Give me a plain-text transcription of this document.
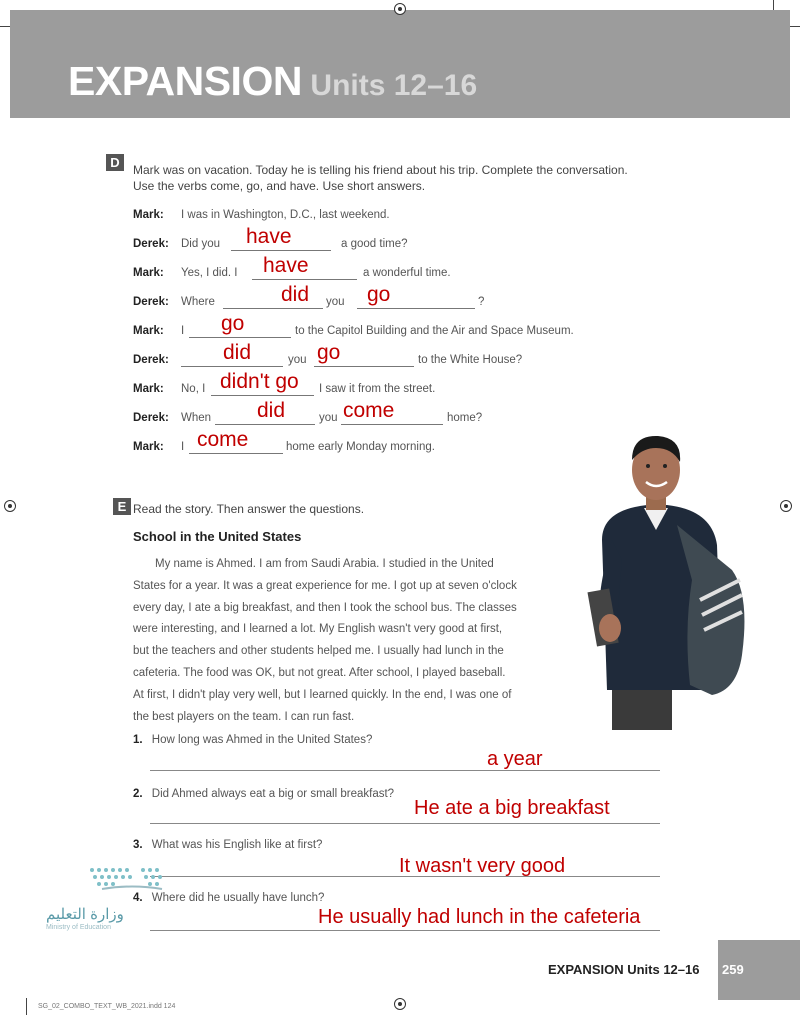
EXPANSION Units 12–16
D	Mark was on vacation. Today he is telling his friend about his trip. Complete the conversation.
Use the verbs come, go, and have. Use short answers.
Mark: I was in Washington, D.C., last weekend.
Derek: Did you have	a good time?
Mark: Yes, I did. I have	a wonderful time.
Derek: Where	did you go	?
Mark: I go	to the Capitol Building and the Air and Space Museum.
Derek:	did	you go	to the White House?
Mark: No, I didn't go I saw it from the street.
Derek: When did	you come	home?
Mark: I come	home early Monday morning.
E Read the story. Then answer the questions.
School in the United States

My name is Ahmed. I am from Saudi Arabia. I studied in the United

States for a year. It was a great experience for me. I got up at seven o'clock
every day, I ate a big breakfast, and then I took the school bus. The classes
were interesting, and I learned a lot. My English wasn't very good at first,
but the teachers and other students helped me. I usually had lunch in the
cafeteria. The food was OK, but not great. After school, I played baseball.
At first, I didn't play very well, but I learned quickly. In the end, I was one of
the best players on the team. I can run fast.
1. How long was Ahmed in the United States?
a year
2. Did Ahmed always eat a big or small breakfast?
He ate a big breakfast
3. What was his English like at first?
It wasn't very good
4. Where did he usually have lunch?
He usually had lunch in the cafeteria
وزارة التعليم
Ministry of Education
EXPANSION Units 12–16 259
SG_02_COMBO_TEXT_WB_2021.indd 124
